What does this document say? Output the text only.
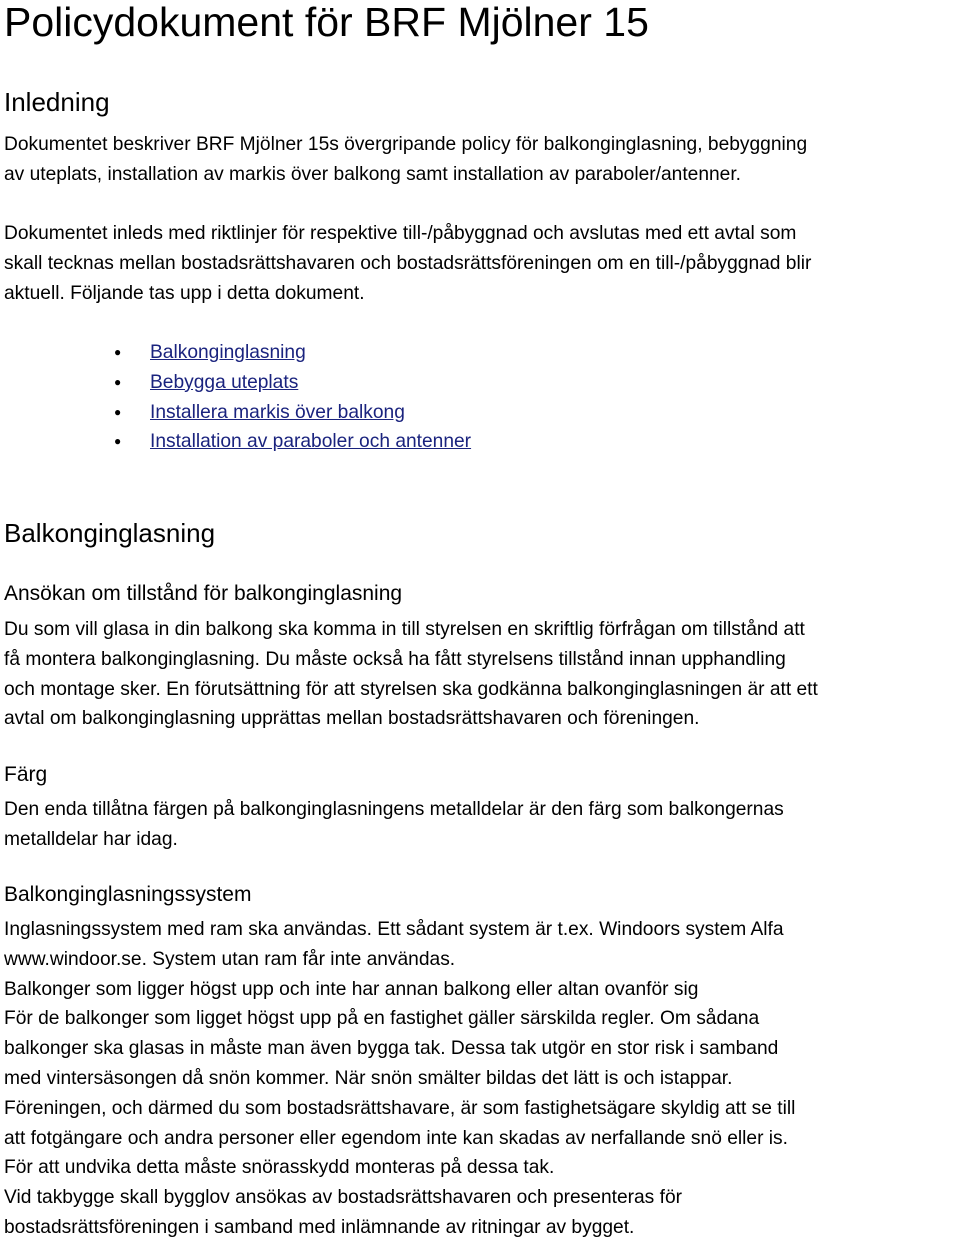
Policydokument för BRF Mjölner 15
Inledning

Dokumentet beskriver BRF Mjölner 15s övergripande policy för balkonginglasning, bebyggning
av uteplats, installation av markis över balkong samt installation av paraboler/antenner.

Dokumentet inleds med riktlinjer för respektive till-/påbyggnad och avslutas med ett avtal som
skall tecknas mellan bostadsrättshavaren och bostadsrättsföreningen om en till-/påbyggnad blir
aktuell. Följande tas upp i detta dokument.

● Balkonginglasning
● Bebygga uteplats
● Installera markis över balkong
● Installation av paraboler och antenner
Balkonginglasning
Ansökan om tillstånd för balkonginglasning

Du som vill glasa in din balkong ska komma in till styrelsen en skriftlig förfrågan om tillstånd att
få montera balkonginglasning. Du måste också ha fått styrelsens tillstånd innan upphandling
och montage sker. En förutsättning för att styrelsen ska godkänna balkonginglasningen är att ett
avtal om balkonginglasning upprättas mellan bostadsrättshavaren och föreningen.

Färg

Den enda tillåtna färgen på balkonginglasningens metalldelar är den färg som balkongernas
metalldelar har idag.

Balkonginglasningssystem

Inglasningssystem med ram ska användas. Ett sådant system är t.ex. Windoors system Alfa
www.windoor.se. System utan ram får inte användas.
Balkonger som ligger högst upp och inte har annan balkong eller altan ovanför sig
För de balkonger som ligget högst upp på en fastighet gäller särskilda regler. Om sådana
balkonger ska glasas in måste man även bygga tak. Dessa tak utgör en stor risk i samband
med vintersäsongen då snön kommer. När snön smälter bildas det lätt is och istappar.
Föreningen, och därmed du som bostadsrättshavare, är som fastighetsägare skyldig att se till
att fotgängare och andra personer eller egendom inte kan skadas av nerfallande snö eller is.
För att undvika detta måste snörasskydd monteras på dessa tak.
Vid takbygge skall bygglov ansökas av bostadsrättshavaren och presenteras för
bostadsrättsföreningen i samband med inlämnande av ritningar av bygget.
